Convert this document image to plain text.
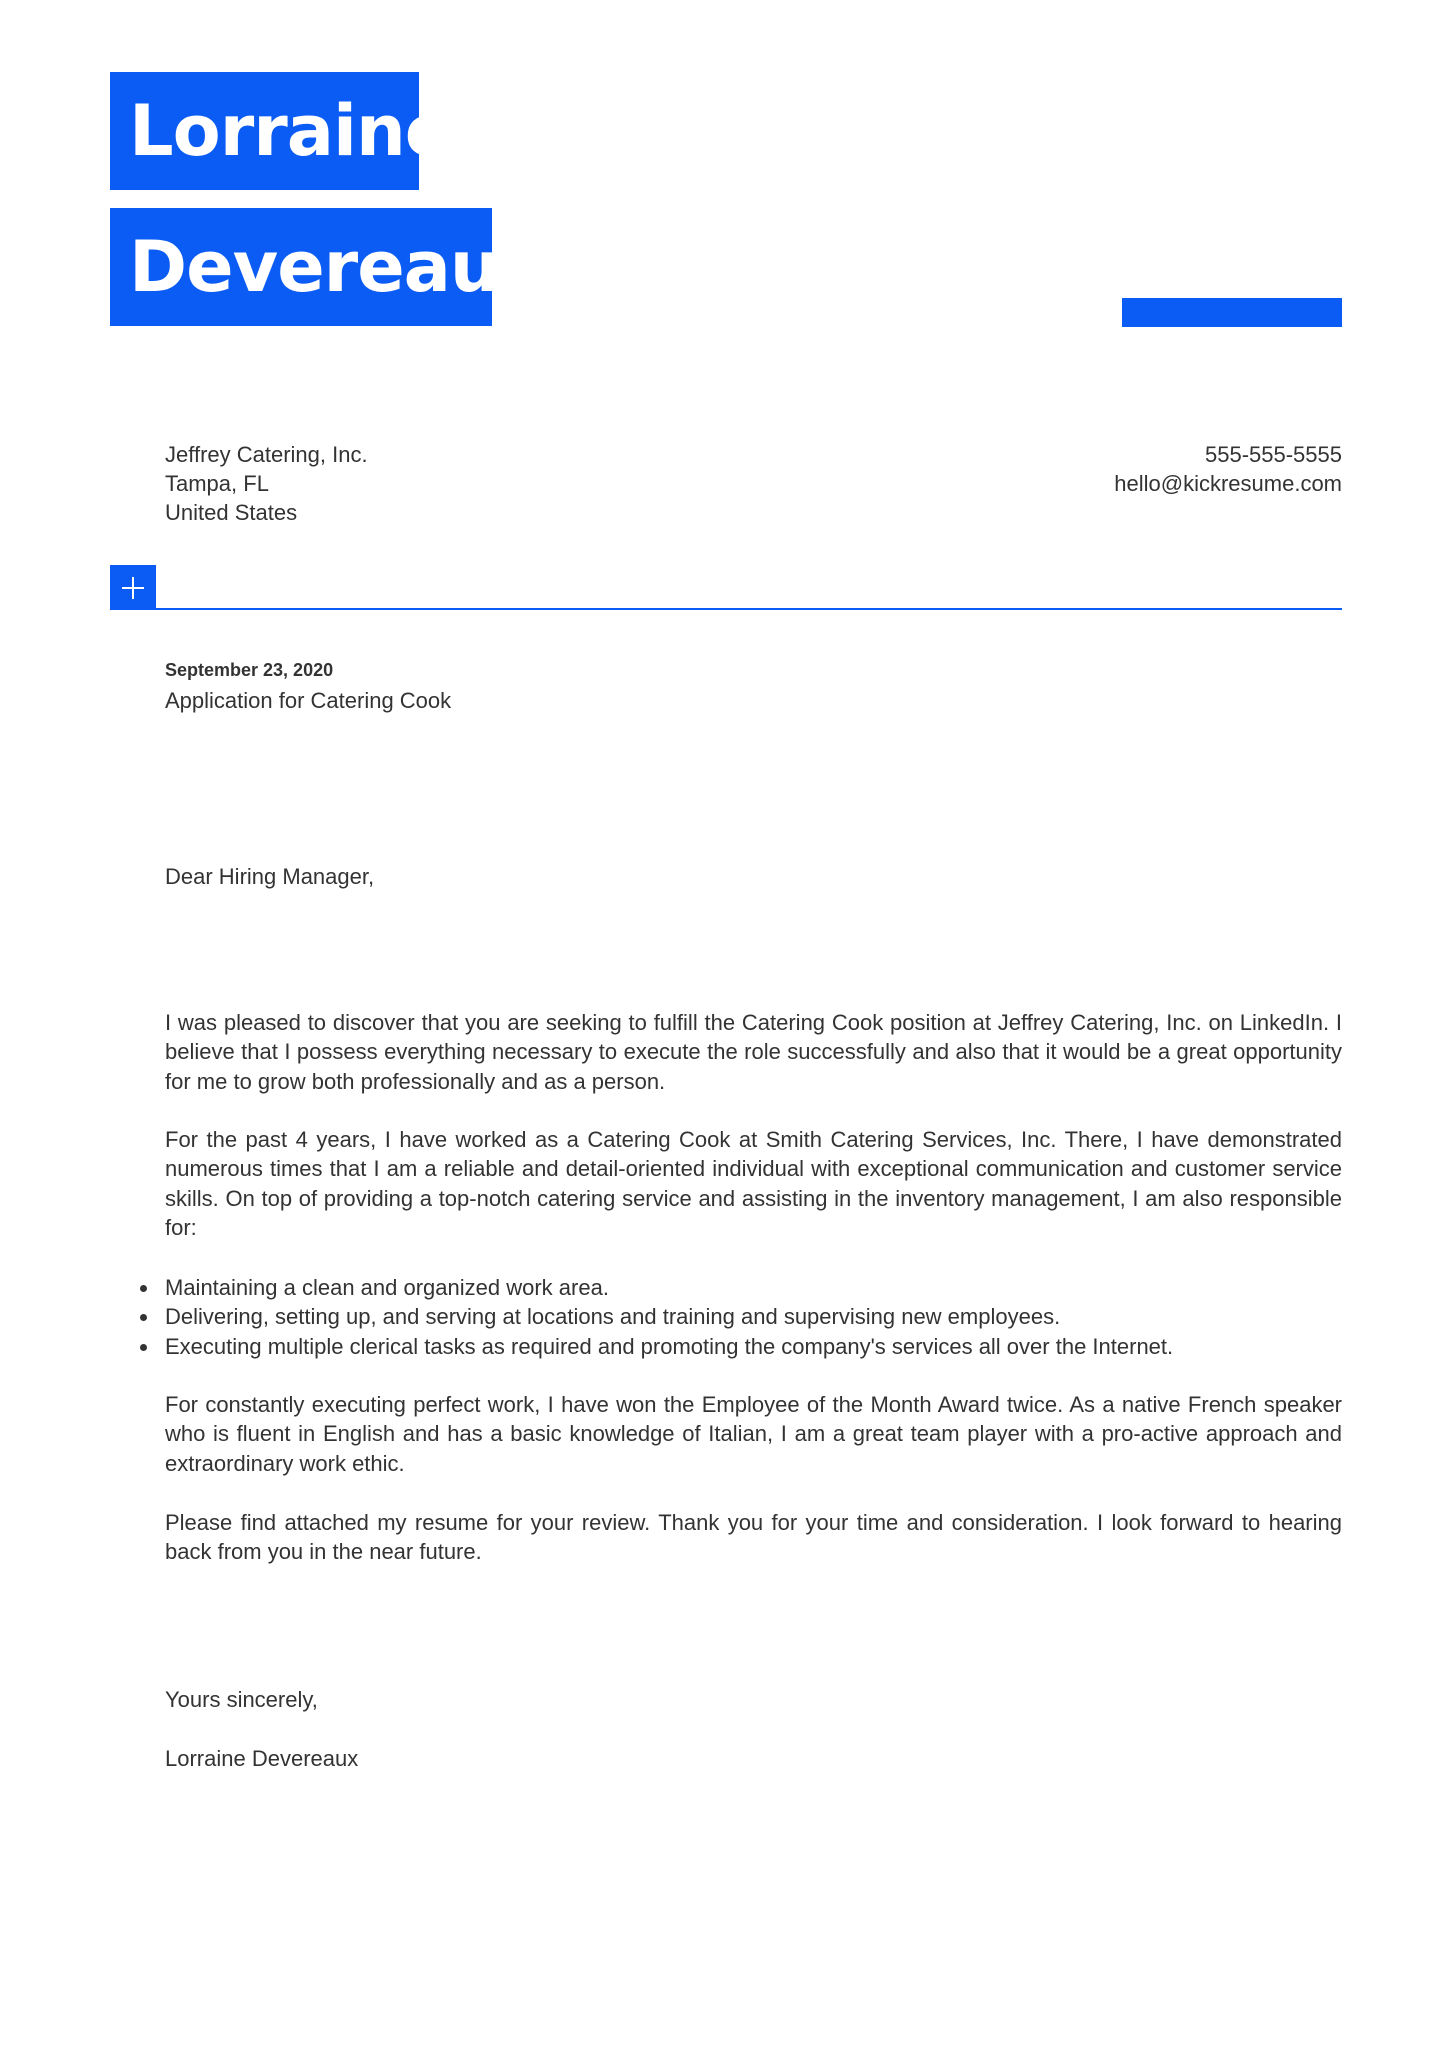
Lorraine
Devereaux
Jeffrey Catering, Inc.
Tampa, FL
United States
555-555-5555
hello@kickresume.com
September 23, 2020
Application for Catering Cook
Dear Hiring Manager,

I was pleased to discover that you are seeking to fulfill the Catering Cook position at Jeffrey Catering, Inc. on LinkedIn. I believe that I possess everything necessary to execute the role successfully and also that it would be a great opportunity for me to grow both professionally and as a person.

For the past 4 years, I have worked as a Catering Cook at Smith Catering Services, Inc. There, I have demonstrated numerous times that I am a reliable and detail-oriented individual with exceptional communication and customer service skills. On top of providing a top-notch catering service and assisting in the inventory management, I am also responsible for:

Maintaining a clean and organized work area.
Delivering, setting up, and serving at locations and training and supervising new employees.
Executing multiple clerical tasks as required and promoting the company's services all over the Internet.

For constantly executing perfect work, I have won the Employee of the Month Award twice. As a native French speaker who is fluent in English and has a basic knowledge of Italian, I am a great team player with a pro-active approach and extraordinary work ethic.

Please find attached my resume for your review. Thank you for your time and consideration. I look forward to hearing back from you in the near future.

Yours sincerely,
Lorraine Devereaux
